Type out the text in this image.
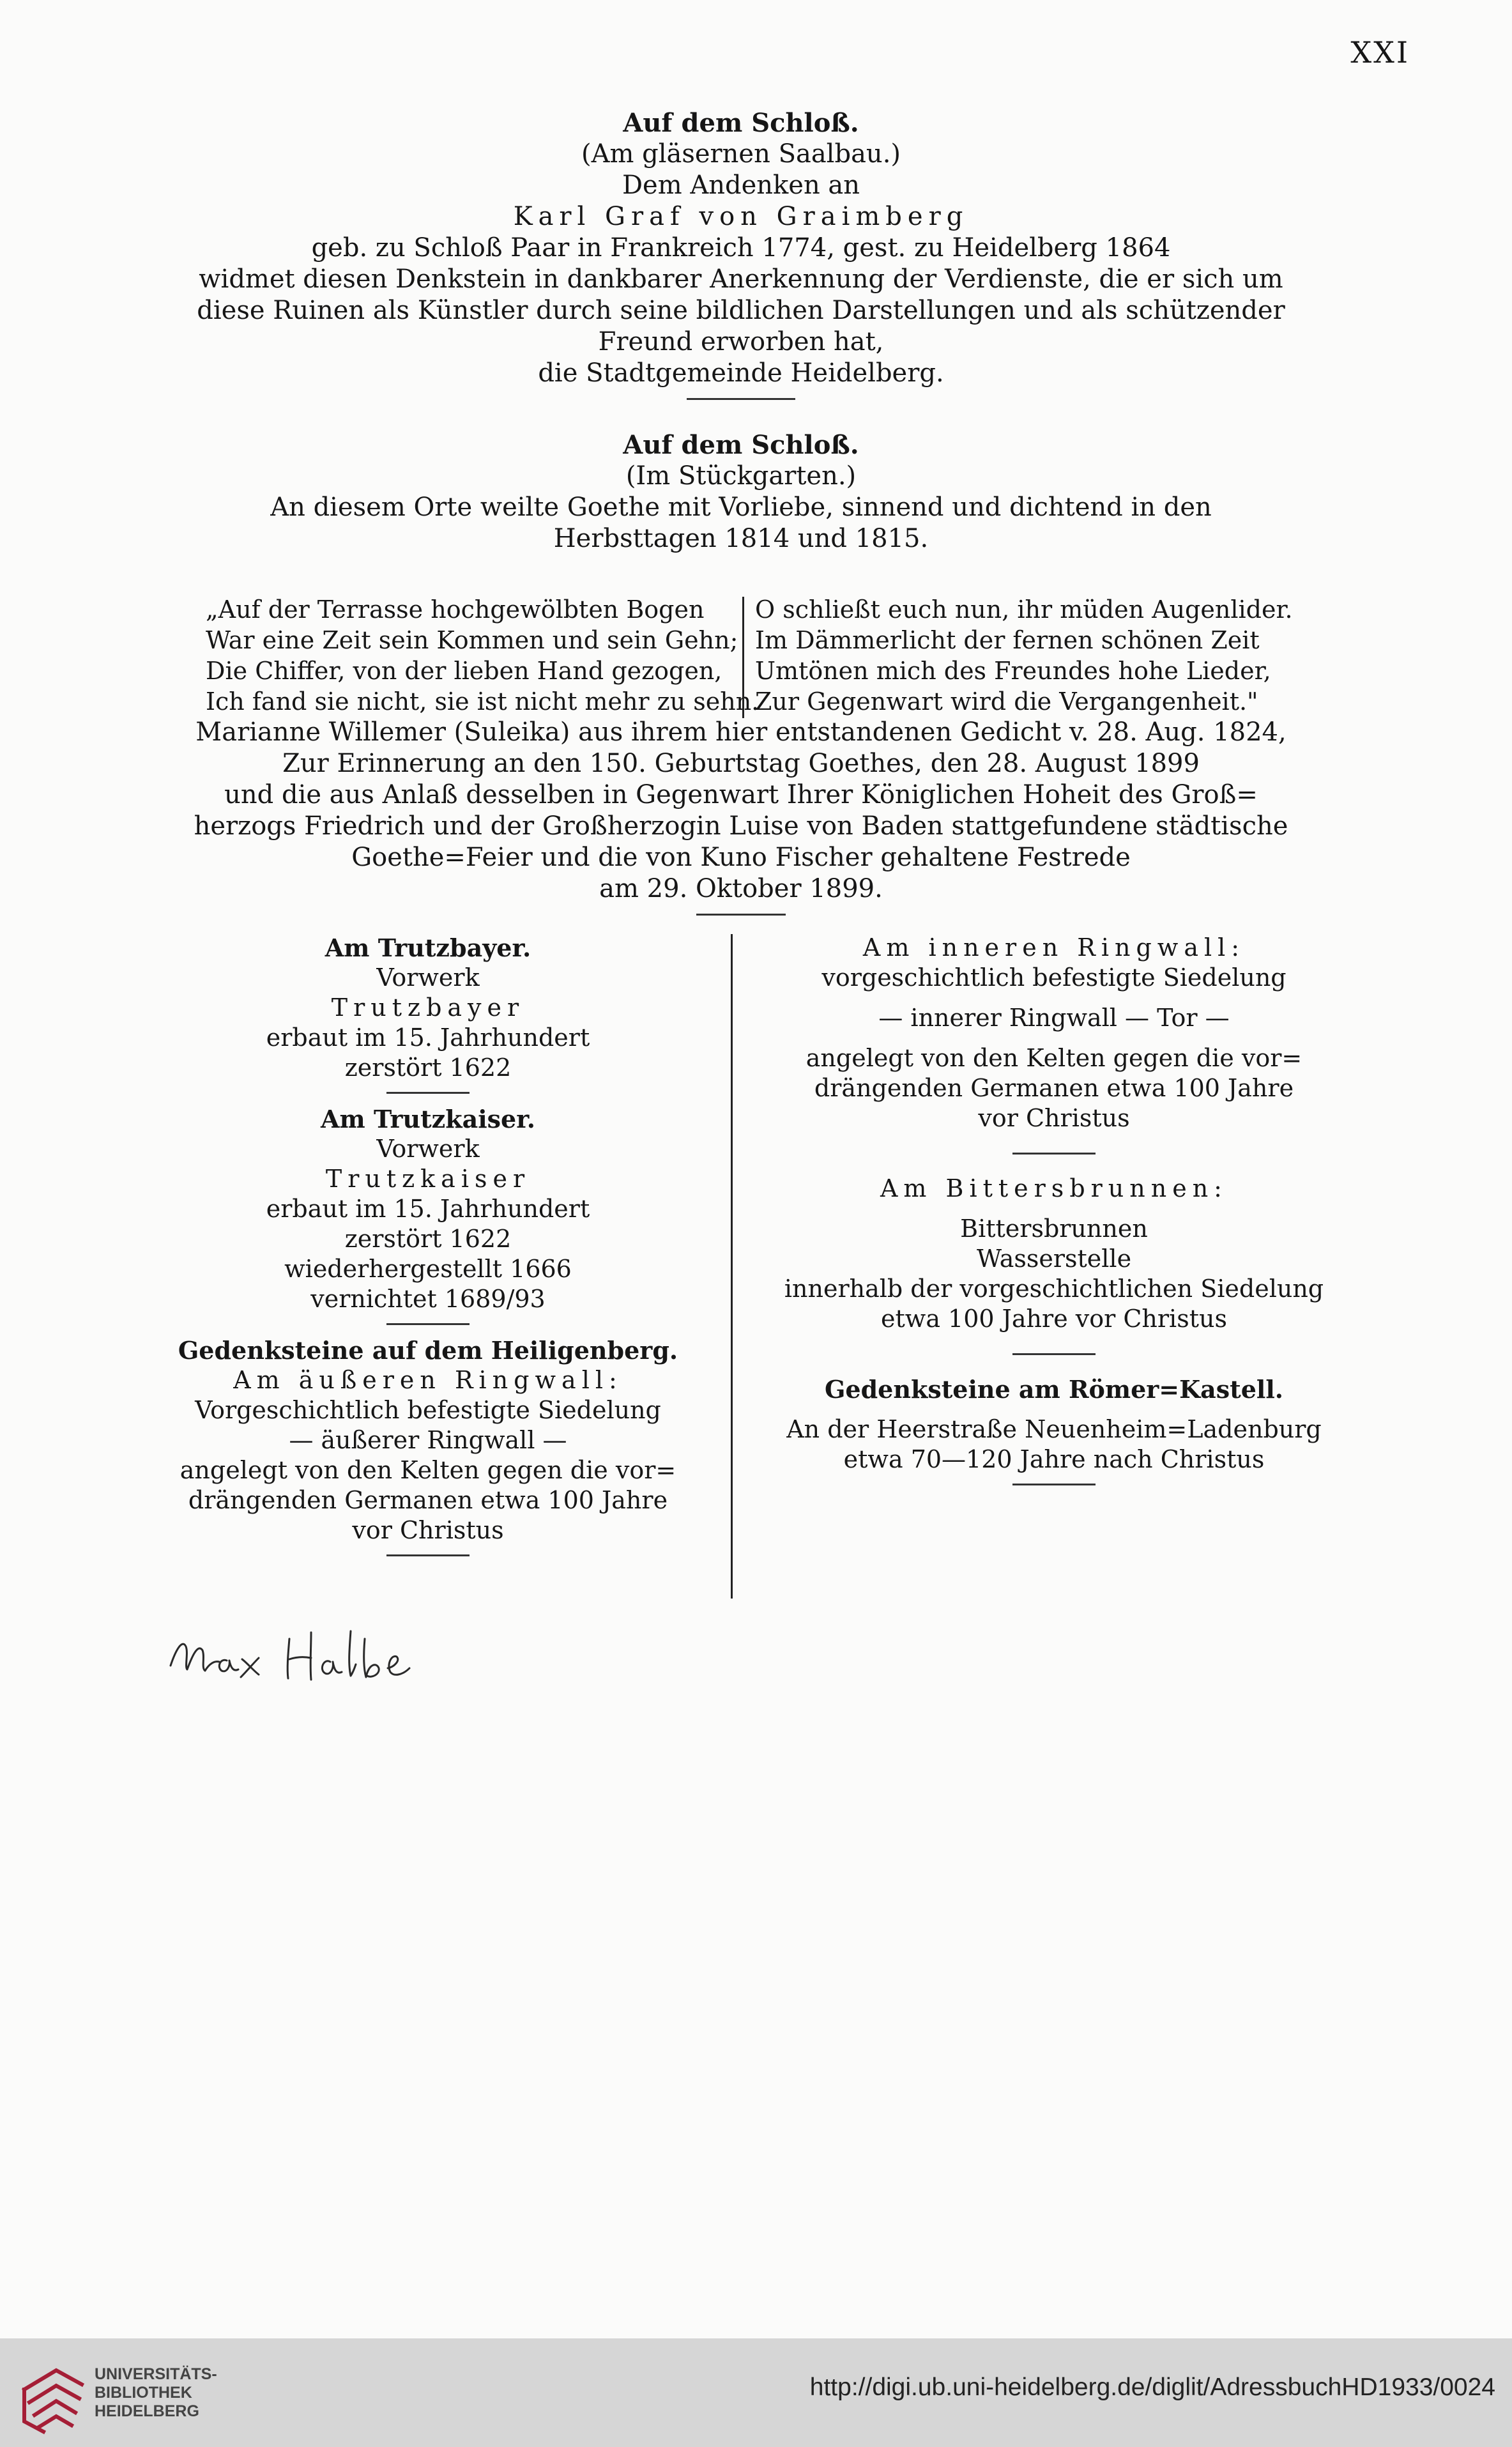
XXI
Auf dem Schloß.
(Am gläsernen Saalbau.)
Dem Andenken an
Karl Graf von Graimberg
geb. zu Schloß Paar in Frankreich 1774, gest. zu Heidelberg 1864
widmet diesen Denkstein in dankbarer Anerkennung der Verdienste, die er sich um
diese Ruinen als Künstler durch seine bildlichen Darstellungen und als schützender
Freund erworben hat,
die Stadtgemeinde Heidelberg.
Auf dem Schloß.
(Im Stückgarten.)
An diesem Orte weilte Goethe mit Vorliebe, sinnend und dichtend in den
Herbsttagen 1814 und 1815.
„Auf der Terrasse hochgewölbten Bogen
War eine Zeit sein Kommen und sein Gehn;
Die Chiffer, von der lieben Hand gezogen,
Ich fand sie nicht, sie ist nicht mehr zu sehn.
O schließt euch nun, ihr müden Augenlider.
Im Dämmerlicht der fernen schönen Zeit
Umtönen mich des Freundes hohe Lieder,
Zur Gegenwart wird die Vergangenheit."
Marianne Willemer (Suleika) aus ihrem hier entstandenen Gedicht v. 28. Aug. 1824,
Zur Erinnerung an den 150. Geburtstag Goethes, den 28. August 1899
und die aus Anlaß desselben in Gegenwart Ihrer Königlichen Hoheit des Groß=
herzogs Friedrich und der Großherzogin Luise von Baden stattgefundene städtische
Goethe=Feier und die von Kuno Fischer gehaltene Festrede
am 29. Oktober 1899.
Am Trutzbayer.
Vorwerk
Trutzbayer
erbaut im 15. Jahrhundert
zerstört 1622
Am Trutzkaiser.
Vorwerk
Trutzkaiser
erbaut im 15. Jahrhundert
zerstört 1622
wiederhergestellt 1666
vernichtet 1689/93
Gedenksteine auf dem Heiligenberg.
Am äußeren Ringwall:
Vorgeschichtlich befestigte Siedelung
— äußerer Ringwall —
angelegt von den Kelten gegen die vor=
drängenden Germanen etwa 100 Jahre
vor Christus
Am inneren Ringwall:
vorgeschichtlich befestigte Siedelung
— innerer Ringwall — Tor —
angelegt von den Kelten gegen die vor=
drängenden Germanen etwa 100 Jahre
vor Christus
Am Bittersbrunnen:
Bittersbrunnen
Wasserstelle
innerhalb der vorgeschichtlichen Siedelung
etwa 100 Jahre vor Christus
Gedenksteine am Römer=Kastell.
An der Heerstraße Neuenheim=Ladenburg
etwa 70—120 Jahre nach Christus
UNIVERSITÄTS-
BIBLIOTHEK
HEIDELBERG
http://digi.ub.uni-heidelberg.de/diglit/AdressbuchHD1933/0024
